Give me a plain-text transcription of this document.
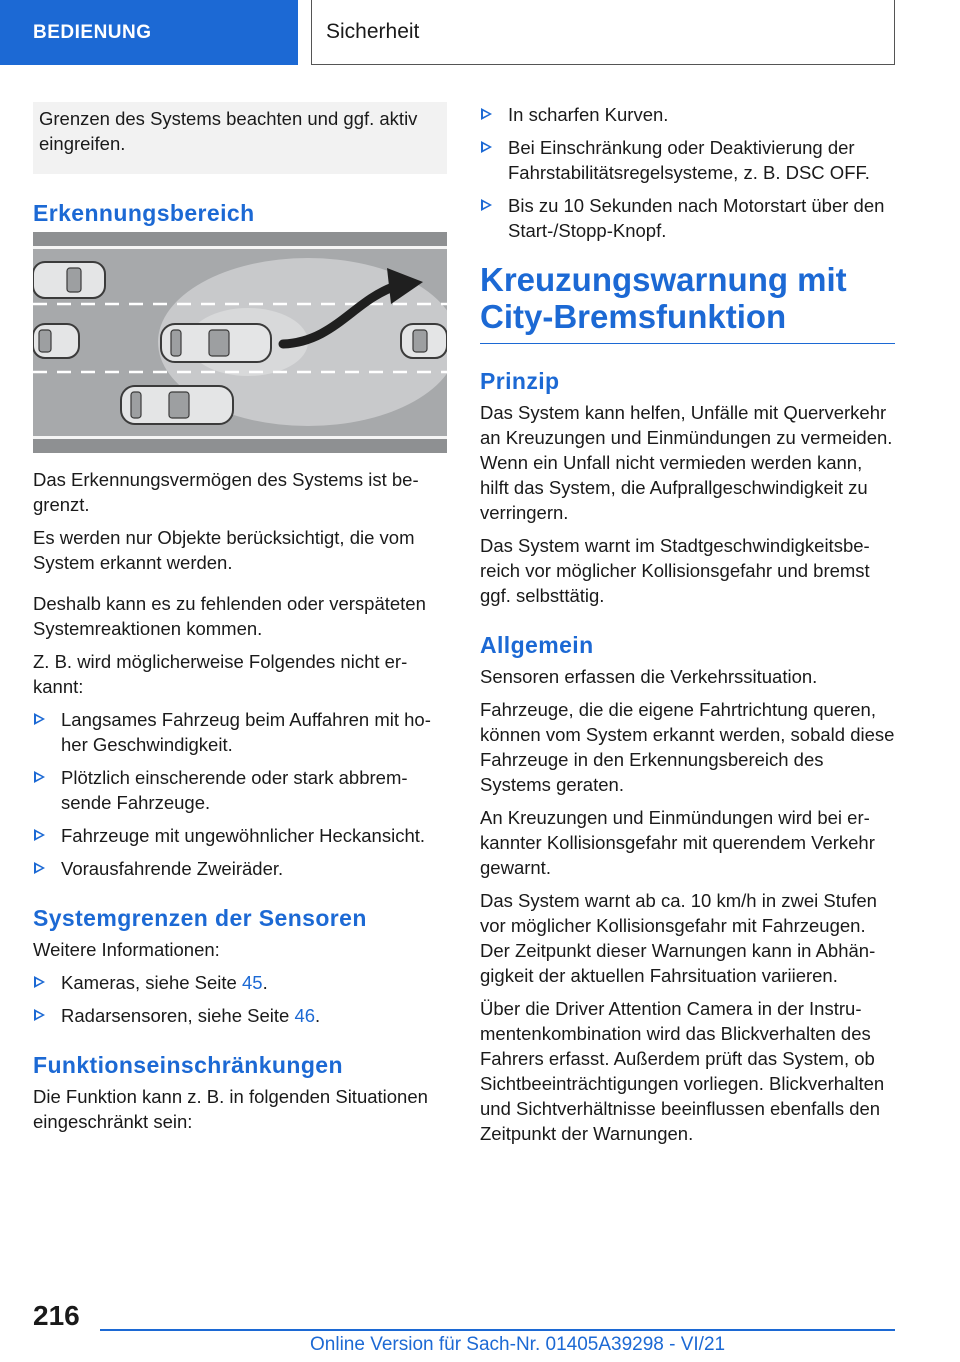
BEDIENUNG	Sicherheit

Grenzen des Systems beachten und ggf. aktiv eingreifen.

Erkennungsbereich

Das Erkennungsvermögen des Systems ist begrenzt.

Es werden nur Objekte berücksichtigt, die vom System erkannt werden.

Deshalb kann es zu fehlenden oder verspäteten Systemreaktionen kommen.

Z. B. wird möglicherweise Folgendes nicht erkannt:

Langsames Fahrzeug beim Auffahren mit hoher Geschwindigkeit.
Plötzlich einscherende oder stark abbremsende Fahrzeuge.
Fahrzeuge mit ungewöhnlicher Heckansicht.
Vorausfahrende Zweiräder.
Systemgrenzen der Sensoren

Weitere Informationen:

Kameras, siehe Seite 45.
Radarsensoren, siehe Seite 46.
Funktionseinschränkungen

Die Funktion kann z. B. in folgenden Situationen eingeschränkt sein:

In scharfen Kurven.
Bei Einschränkung oder Deaktivierung der Fahrstabilitätsregelsysteme, z. B. DSC OFF.
Bis zu 10 Sekunden nach Motorstart über den Start-/Stopp-Knopf.
Kreuzungswarnung mit City-Bremsfunktion
Prinzip

Das System kann helfen, Unfälle mit Querverkehr an Kreuzungen und Einmündungen zu vermeiden. Wenn ein Unfall nicht vermieden werden kann, hilft das System, die Aufprallgeschwindigkeit zu verringern.

Das System warnt im Stadtgeschwindigkeitsbereich vor möglicher Kollisionsgefahr und bremst ggf. selbsttätig.

Allgemein

Sensoren erfassen die Verkehrssituation.

Fahrzeuge, die die eigene Fahrtrichtung queren, können vom System erkannt werden, sobald diese Fahrzeuge in den Erkennungsbereich des Systems geraten.

An Kreuzungen und Einmündungen wird bei erkannter Kollisionsgefahr mit querendem Verkehr gewarnt.

Das System warnt ab ca. 10 km/h in zwei Stufen vor möglicher Kollisionsgefahr mit Fahrzeugen. Der Zeitpunkt dieser Warnungen kann in Abhängigkeit der aktuellen Fahrsituation variieren.

Über die Driver Attention Camera in der Instrumentenkombination wird das Blickverhalten des Fahrers erfasst. Außerdem prüft das System, ob Sichtbeeinträchtigungen vorliegen. Blickverhalten und Sichtverhältnisse beeinflussen ebenfalls den Zeitpunkt der Warnungen.

216
Online Version für Sach-Nr. 01405A39298 - VI/21
